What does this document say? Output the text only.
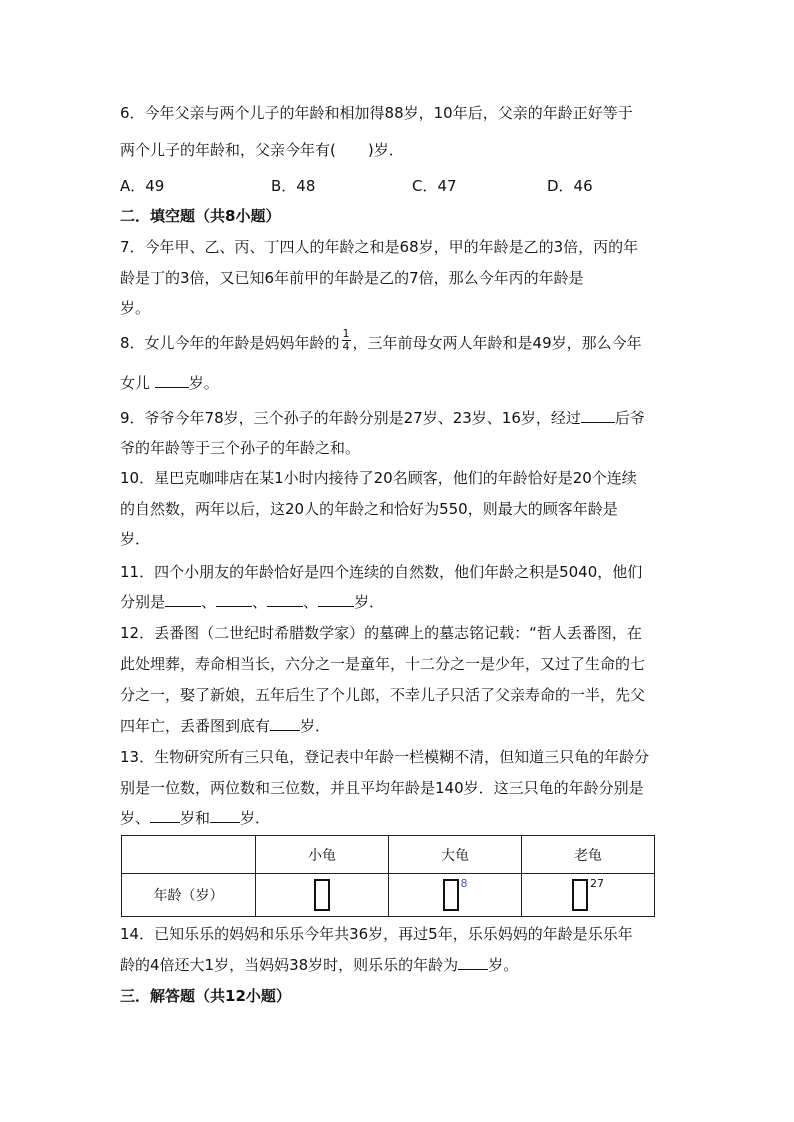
6．今年父亲与两个儿子的年龄和相加得88岁，10年后，父亲的年龄正好等于
两个儿子的年龄和，父亲今年有( )岁．
A．49	B．48	C．47	D．46
二．填空题（共8小题）
7．今年甲、乙、丙、丁四人的年龄之和是68岁，甲的年龄是乙的3倍，丙的年
龄是丁的3倍，又已知6年前甲的年龄是乙的7倍，那么今年丙的年龄是
岁。
8．女儿今年的年龄是妈妈年龄的 $\frac{1}{4}$ ，三年前母女两人年龄和是49岁，那么今年
女儿 岁。
9．爷爷今年78岁，三个孙子的年龄分别是27岁、23岁、16岁，经过 后爷
爷的年龄等于三个孙子的年龄之和。
10．星巴克咖啡店在某1小时内接待了20名顾客，他们的年龄恰好是20个连续
的自然数，两年以后，这20人的年龄之和恰好为550，则最大的顾客年龄是
岁．
11．四个小朋友的年龄恰好是四个连续的自然数，他们年龄之积是5040，他们
分别是 、 、 、 岁．
12．丢番图（二世纪时希腊数学家）的墓碑上的墓志铭记载：“哲人丢番图，在
此处埋葬，寿命相当长，六分之一是童年，十二分之一是少年，又过了生命的七
分之一，娶了新娘，五年后生了个儿郎，不幸儿子只活了父亲寿命的一半，先父
四年亡，丢番图到底有 岁．
13．生物研究所有三只龟，登记表中年龄一栏模糊不清，但知道三只龟的年龄分
别是一位数，两位数和三位数，并且平均年龄是140岁．这三只龟的年龄分别是
岁、 岁和 岁．
	小龟	大龟	老龟
年龄（岁）		8	27
14．已知乐乐的妈妈和乐乐今年共36岁，再过5年，乐乐妈妈的年龄是乐乐年
龄的4倍还大1岁，当妈妈38岁时，则乐乐的年龄为 岁。
三．解答题（共12小题）
